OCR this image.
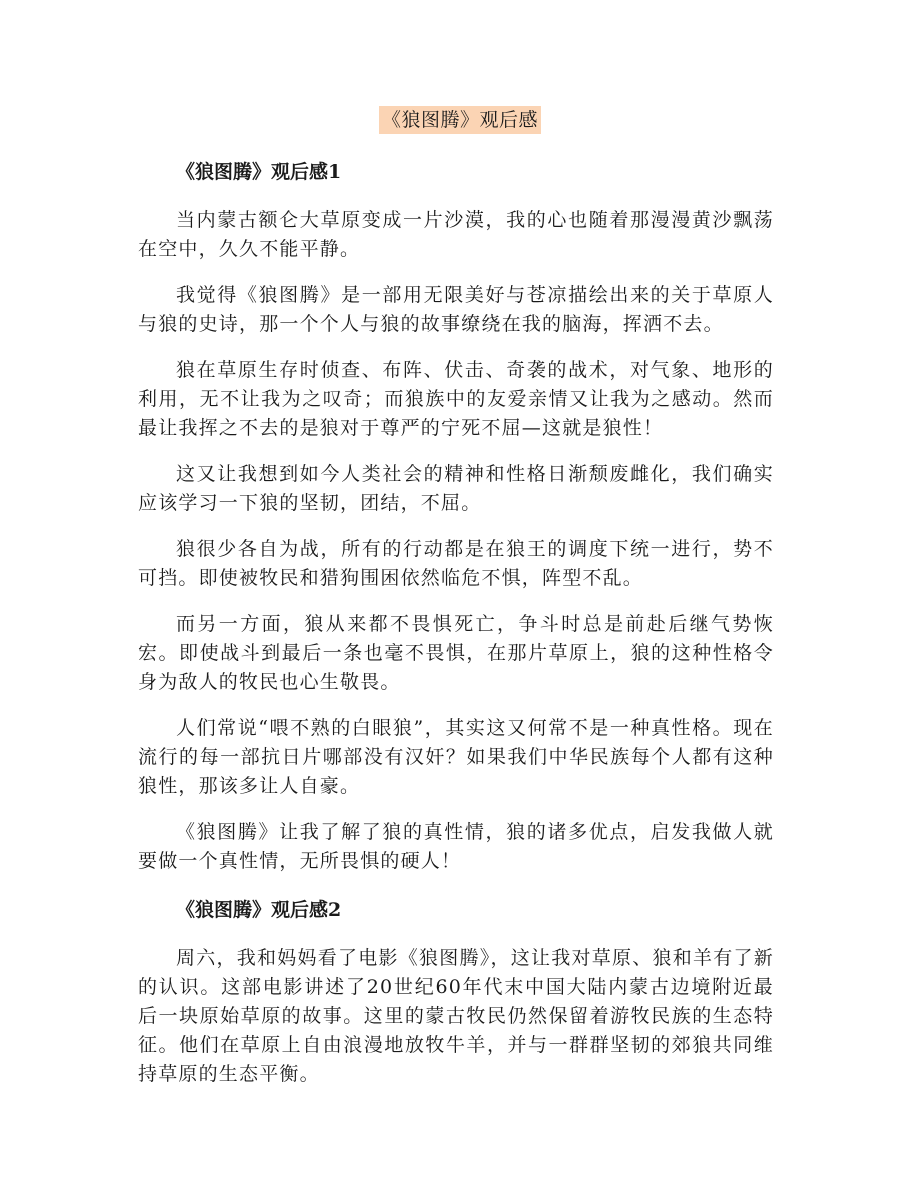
《狼图腾》观后感
《狼图腾》观后感1

当内蒙古额仑大草原变成一片沙漠，我的心也随着那漫漫黄沙飘荡在空中，久久不能平静。

我觉得《狼图腾》是一部用无限美好与苍凉描绘出来的关于草原人与狼的史诗，那一个个人与狼的故事缭绕在我的脑海，挥洒不去。

狼在草原生存时侦查、布阵、伏击、奇袭的战术，对气象、地形的利用，无不让我为之叹奇；而狼族中的友爱亲情又让我为之感动。然而最让我挥之不去的是狼对于尊严的宁死不屈—这就是狼性！

这又让我想到如今人类社会的精神和性格日渐颓废雌化，我们确实应该学习一下狼的坚韧，团结，不屈。

狼很少各自为战，所有的行动都是在狼王的调度下统一进行，势不可挡。即使被牧民和猎狗围困依然临危不惧，阵型不乱。

而另一方面，狼从来都不畏惧死亡，争斗时总是前赴后继气势恢宏。即使战斗到最后一条也毫不畏惧，在那片草原上，狼的这种性格令身为敌人的牧民也心生敬畏。

人们常说“喂不熟的白眼狼”，其实这又何常不是一种真性格。现在流行的每一部抗日片哪部没有汉奸？如果我们中华民族每个人都有这种狼性，那该多让人自豪。

《狼图腾》让我了解了狼的真性情，狼的诸多优点，启发我做人就要做一个真性情，无所畏惧的硬人！

《狼图腾》观后感2

周六，我和妈妈看了电影《狼图腾》，这让我对草原、狼和羊有了新的认识。这部电影讲述了20世纪60年代末中国大陆内蒙古边境附近最后一块原始草原的故事。这里的蒙古牧民仍然保留着游牧民族的生态特征。他们在草原上自由浪漫地放牧牛羊，并与一群群坚韧的郊狼共同维持草原的生态平衡。
